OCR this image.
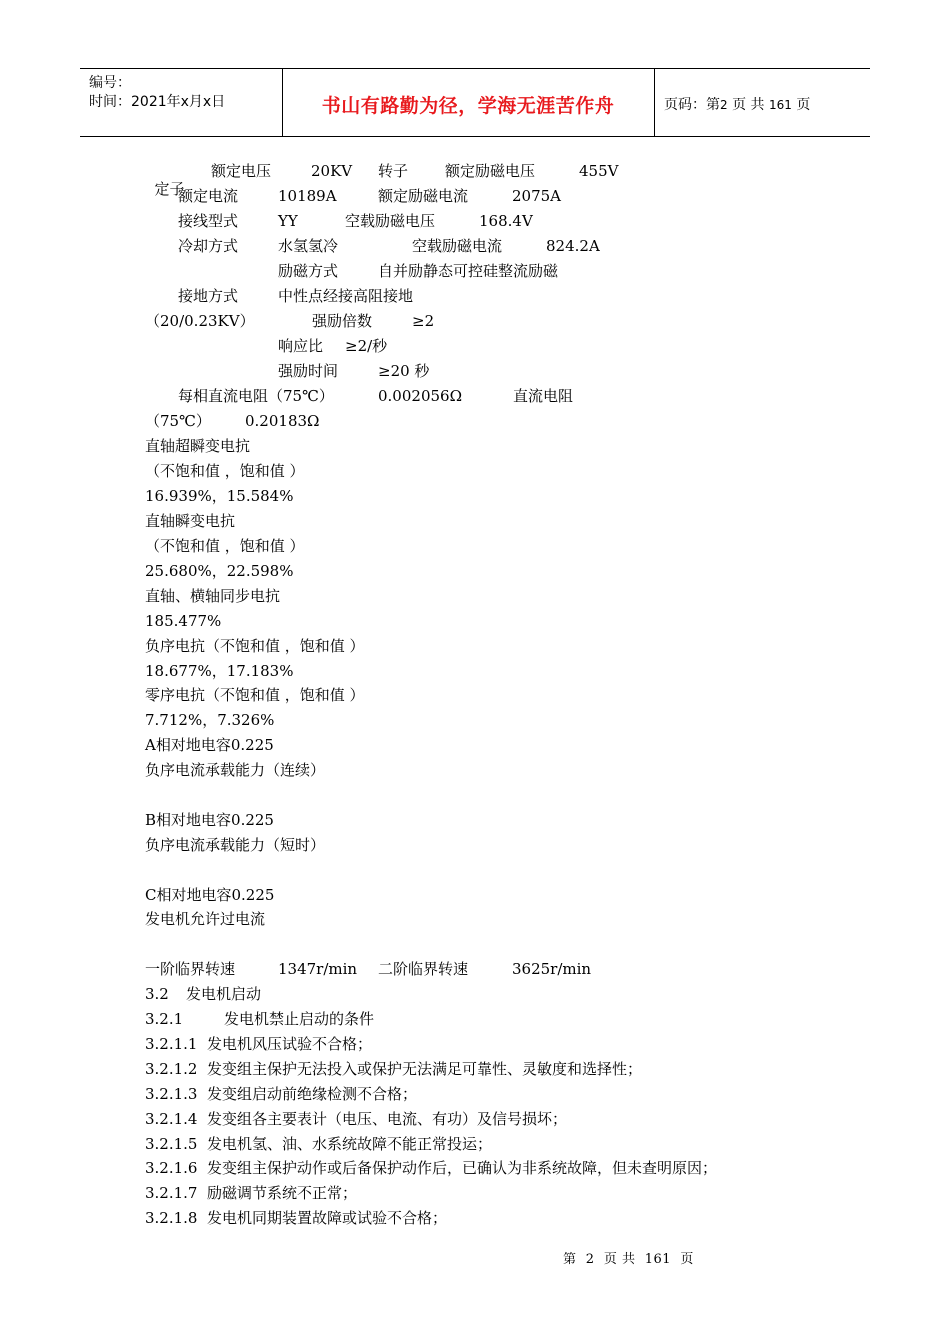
编号：
时间：2021年x月x日	书山有路勤为径，学海无涯苦作舟	页码：第2 页 共 161 页

定子

额定电压	20KV 转子 额定励磁电压	455V
额定电流	10189A	额定励磁电流	2075A
接线型式	YY	空载励磁电压	168.4V
冷却方式	水氢氢冷	空载励磁电流	824.2A
励磁方式	自并励静态可控硅整流励磁
接地方式	中性点经接高阻接地
（20/0.23KV）	强励倍数	≥2
响应比 ≥2/秒
强励时间	≥20 秒
每相直流电阻（75℃）	0.002056Ω	直流电阻
（75℃） 0.20183Ω
直轴超瞬变电抗
（不饱和值 ，饱和值 ）
16.939%，15.584%
直轴瞬变电抗
（不饱和值 ，饱和值 ）
25.680%，22.598%
直轴、横轴同步电抗
185.477%
负序电抗（不饱和值 ，饱和值 ）
18.677%，17.183%
零序电抗（不饱和值 ，饱和值 ）
7.712%，7.326%
A相对地电容0.225
负序电流承载能力（连续）
B相对地电容0.225
负序电流承载能力（短时）
C相对地电容0.225
发电机允许过电流
一阶临界转速	1347r/min 二阶临界转速	3625r/min
3.2 发电机启动
3.2.1	发电机禁止启动的条件
3.2.1.1  发电机风压试验不合格；
3.2.1.2  发变组主保护无法投入或保护无法满足可靠性、灵敏度和选择性；
3.2.1.3  发变组启动前绝缘检测不合格；
3.2.1.4  发变组各主要表计（电压、电流、有功）及信号损坏；
3.2.1.5  发电机氢、油、水系统故障不能正常投运；
3.2.1.6  发变组主保护动作或后备保护动作后，已确认为非系统故障，但未查明原因；
3.2.1.7  励磁调节系统不正常；
3.2.1.8  发电机同期装置故障或试验不合格；
第 2 页 共 161 页
